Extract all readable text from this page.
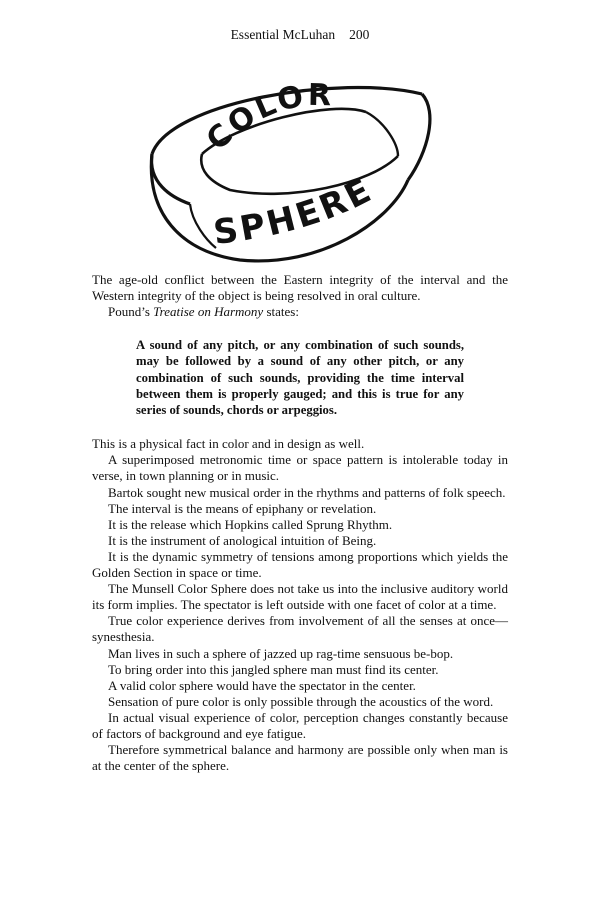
Essential McLuhan 200
COLOR
SPHERE

The age-old conflict between the Eastern integrity of the interval and the Western integrity of the object is being resolved in oral culture.

Pound’s Treatise on Harmony states:

A sound of any pitch, or any combination of such sounds, may be followed by a sound of any other pitch, or any combination of such sounds, providing the time interval between them is properly gauged; and this is true for any series of sounds, chords or arpeggios.

This is a physical fact in color and in design as well.

A superimposed metronomic time or space pattern is intolerable today in verse, in town planning or in music.

Bartok sought new musical order in the rhythms and patterns of folk speech.

The interval is the means of epiphany or revelation.

It is the release which Hopkins called Sprung Rhythm.

It is the instrument of anological intuition of Being.

It is the dynamic symmetry of tensions among proportions which yields the Golden Section in space or time.

The Munsell Color Sphere does not take us into the inclusive auditory world its form implies. The spectator is left outside with one facet of color at a time.

True color experience derives from involvement of all the senses at once—synesthesia.

Man lives in such a sphere of jazzed up rag-time sensuous be-bop.

To bring order into this jangled sphere man must find its center.

A valid color sphere would have the spectator in the center.

Sensation of pure color is only possible through the acoustics of the word.

In actual visual experience of color, perception changes constantly because of factors of background and eye fatigue.

Therefore symmetrical balance and harmony are possible only when man is at the center of the sphere.
